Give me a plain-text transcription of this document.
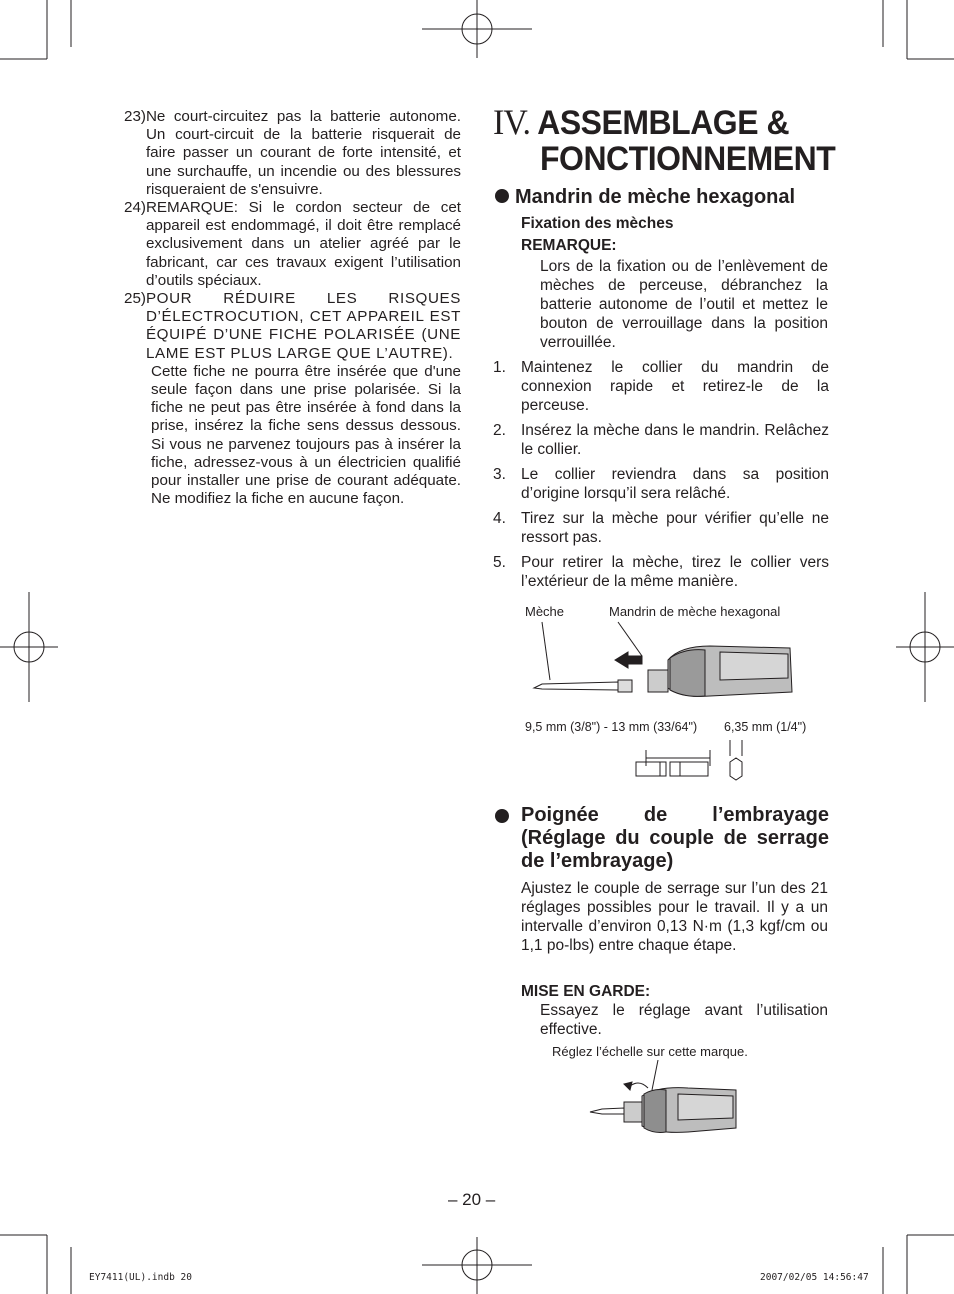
23) Ne court-circuitez pas la batterie autonome. Un court-circuit de la batterie risquerait de faire passer un courant de forte intensité, et une surchauffe, un incendie ou des blessures risqueraient de s'ensuivre.
24) REMARQUE: Si le cordon secteur de cet appareil est endommagé, il doit être remplacé exclusivement dans un atelier agréé par le fabricant, car ces travaux exigent l’utilisation d’outils spéciaux.
25) POUR RÉDUIRE LES RISQUES D’ÉLECTROCUTION, CET APPAREIL EST ÉQUIPÉ D’UNE FICHE POLARISÉE (UNE LAME EST PLUS LARGE QUE L’AUTRE).
Cette fiche ne pourra être insérée que d'une seule façon dans une prise polarisée. Si la fiche ne peut pas être insérée à fond dans la prise, insérez la fiche sens dessus dessous. Si vous ne parvenez toujours pas à insérer la fiche, adressez-vous à un électricien qualifié pour installer une prise de courant adéquate. Ne modifiez la fiche en aucune façon.
IV. ASSEMBLAGE &
FONCTIONNEMENT
Mandrin de mèche hexagonal
Fixation des mèches
REMARQUE:
Lors de la fixation ou de l’enlèvement de mèches de perceuse, débranchez la batterie autonome de l’outil et mettez le bouton de verrouillage dans la position verrouillée.
1. Maintenez le collier du mandrin de connexion rapide et retirez-le de la perceuse.
2. Insérez la mèche dans le mandrin. Relâchez le collier.
3. Le collier reviendra dans sa position d’origine lorsqu’il sera relâché.
4. Tirez sur la mèche pour vérifier qu’elle ne ressort pas.
5. Pour retirer la mèche, tirez le collier vers l’extérieur de la même manière.
Mèche	Mandrin de mèche hexagonal
9,5 mm (3/8") - 13 mm (33/64") 6,35 mm (1/4")
Poignée de l’embrayage (Réglage du couple de serrage de l’embrayage)
Ajustez le couple de serrage sur l’un des 21 réglages possibles pour le travail. Il y a un intervalle d’environ 0,13 N·m (1,3 kgf/cm ou 1,1 po-lbs) entre chaque étape.
MISE EN GARDE:
Essayez le réglage avant l’utilisation effective.
Réglez l’échelle sur cette marque.
– 20 –
EY7411(UL).indb 20	2007/02/05 14:56:47
